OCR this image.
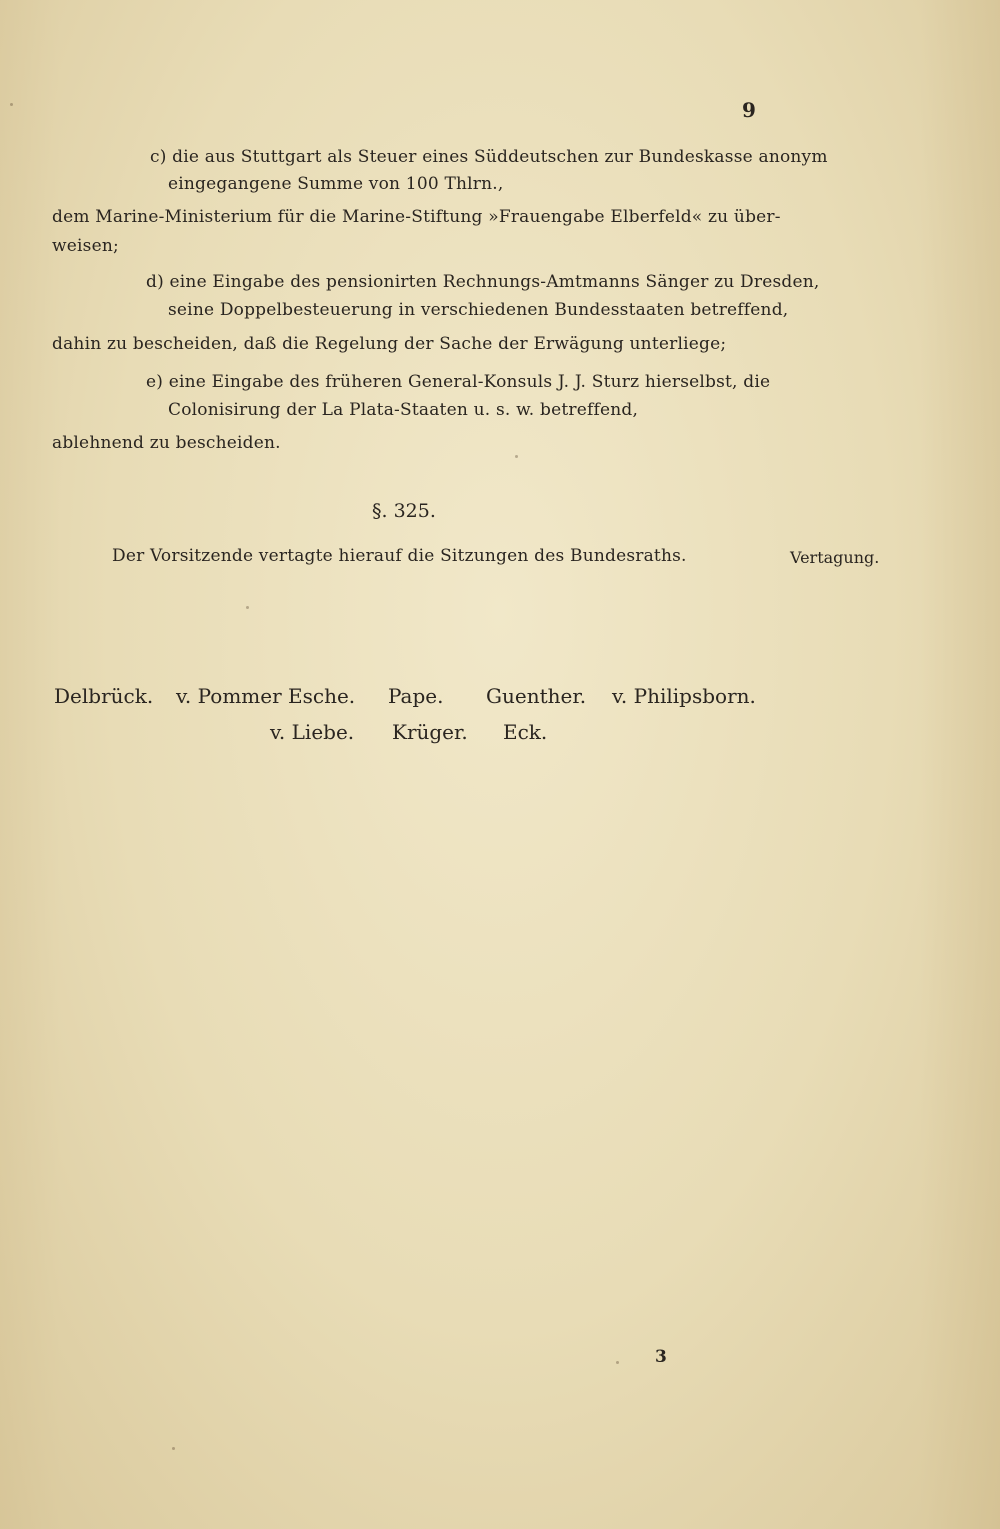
9
c) die aus Stuttgart als Steuer eines Süddeutschen zur Bundeskasse anonym
eingegangene Summe von 100 Thlrn.,
dem Marine-Ministerium für die Marine-Stiftung »Frauengabe Elberfeld« zu über-
weisen;
d) eine Eingabe des pensionirten Rechnungs-Amtmanns Sänger zu Dresden,
seine Doppelbesteuerung in verschiedenen Bundesstaaten betreffend,
dahin zu bescheiden, daß die Regelung der Sache der Erwägung unterliege;
e) eine Eingabe des früheren General-Konsuls J. J. Sturz hierselbst, die
Colonisirung der La Plata-Staaten u. s. w. betreffend,
ablehnend zu bescheiden.
§. 325.
Der Vorsitzende vertagte hierauf die Sitzungen des Bundesraths.	Vertagung.
Delbrück. v. Pommer Esche. Pape. Guenther. v. Philipsborn.
v. Liebe. Krüger. Eck.
3
